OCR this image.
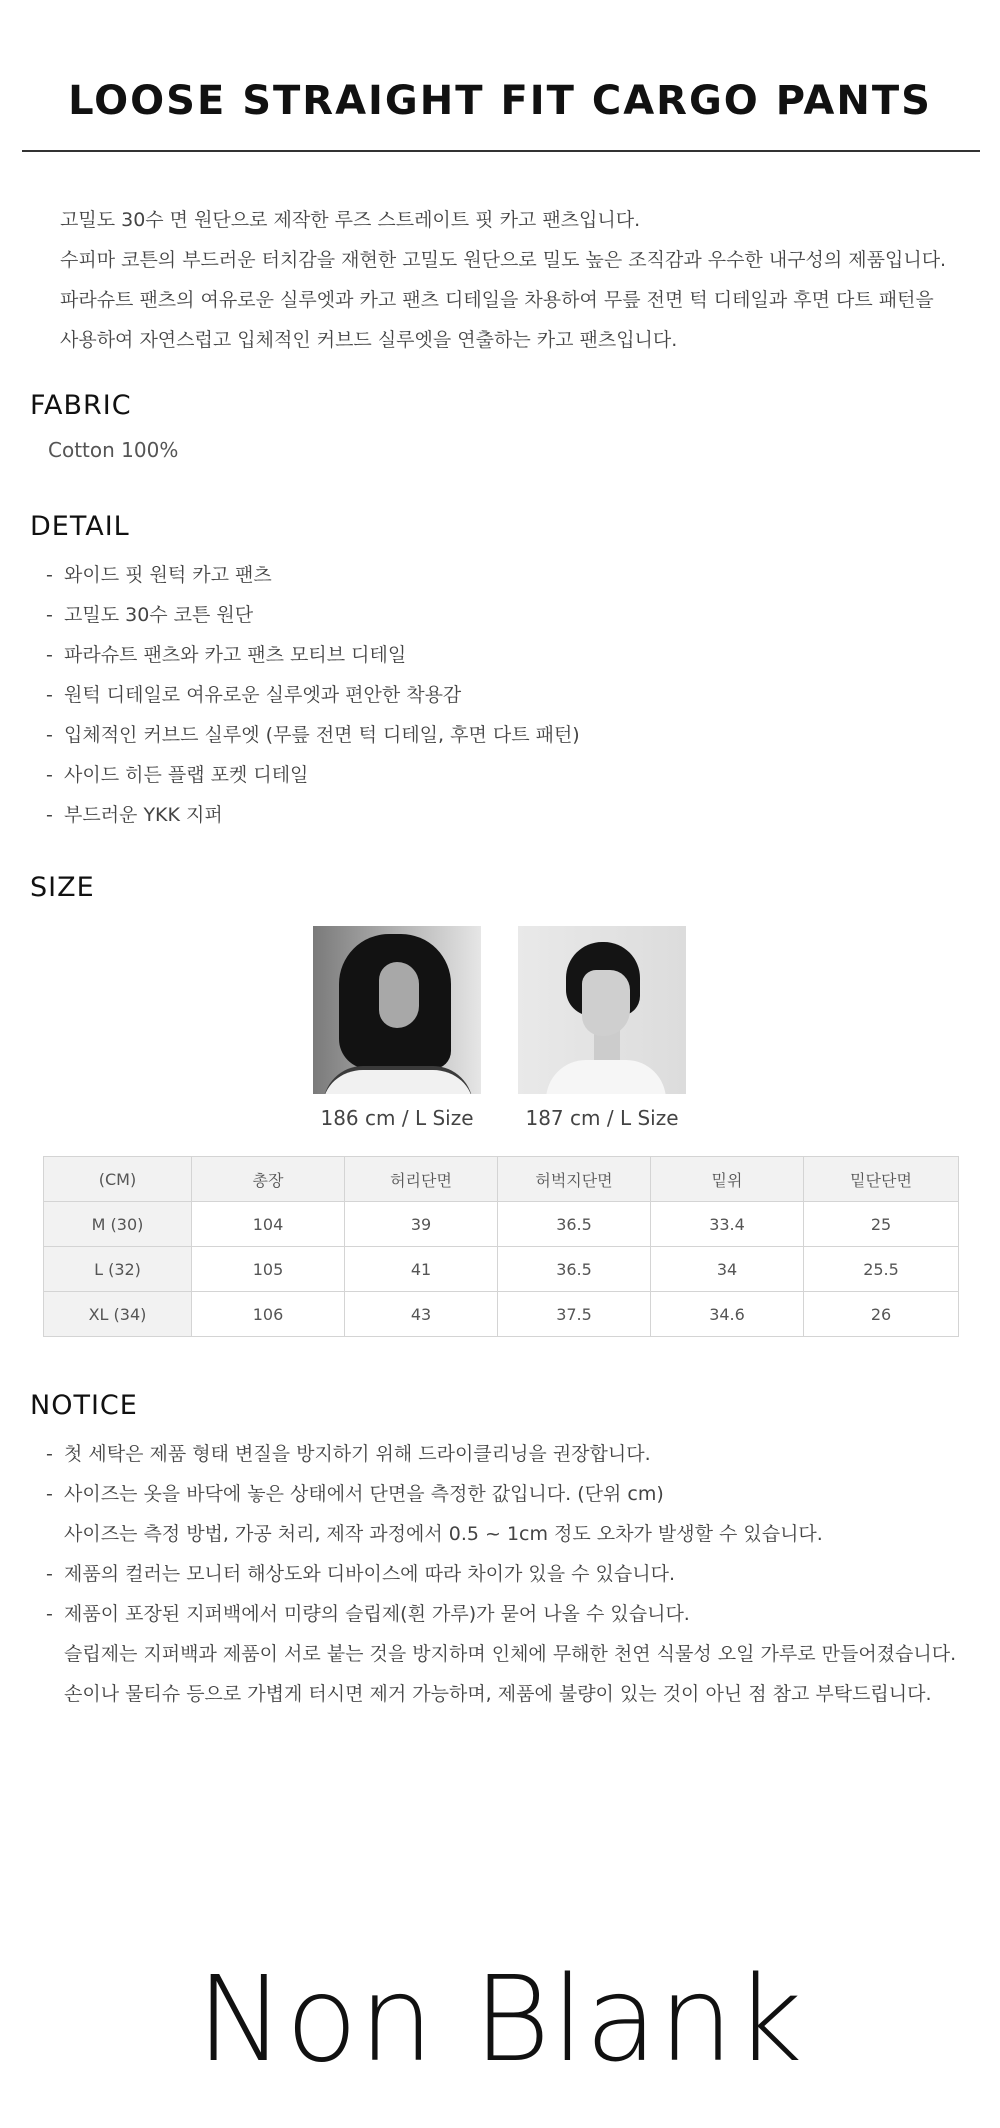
LOOSE STRAIGHT FIT CARGO PANTS

고밀도 30수 면 원단으로 제작한 루즈 스트레이트 핏 카고 팬츠입니다.

수피마 코튼의 부드러운 터치감을 재현한 고밀도 원단으로 밀도 높은 조직감과 우수한 내구성의 제품입니다.

파라슈트 팬츠의 여유로운 실루엣과 카고 팬츠 디테일을 차용하여 무릎 전면 턱 디테일과 후면 다트 패턴을

사용하여 자연스럽고 입체적인 커브드 실루엣을 연출하는 카고 팬츠입니다.

FABRIC

Cotton 100%

DETAIL
- 와이드 핏 원턱 카고 팬츠
- 고밀도 30수 코튼 원단
- 파라슈트 팬츠와 카고 팬츠 모티브 디테일
- 원턱 디테일로 여유로운 실루엣과 편안한 착용감
- 입체적인 커브드 실루엣 (무릎 전면 턱 디테일, 후면 다트 패턴)
- 사이드 히든 플랩 포켓 디테일
- 부드러운 YKK 지퍼
SIZE
186 cm / L Size	187 cm / L Size
(CM)	총장	허리단면	허벅지단면	밑위	밑단단면
M (30)	104	39	36.5	33.4	25
L (32)	105	41	36.5	34	25.5
XL (34)	106	43	37.5	34.6	26
NOTICE
- 첫 세탁은 제품 형태 변질을 방지하기 위해 드라이클리닝을 권장합니다.
- 사이즈는 옷을 바닥에 놓은 상태에서 단면을 측정한 값입니다. (단위 cm)
사이즈는 측정 방법, 가공 처리, 제작 과정에서 0.5 ~ 1cm 정도 오차가 발생할 수 있습니다.
- 제품의 컬러는 모니터 해상도와 디바이스에 따라 차이가 있을 수 있습니다.
- 제품이 포장된 지퍼백에서 미량의 슬립제(흰 가루)가 묻어 나올 수 있습니다.
슬립제는 지퍼백과 제품이 서로 붙는 것을 방지하며 인체에 무해한 천연 식물성 오일 가루로 만들어졌습니다.
손이나 물티슈 등으로 가볍게 터시면 제거 가능하며, 제품에 불량이 있는 것이 아닌 점 참고 부탁드립니다.
Non Blank
